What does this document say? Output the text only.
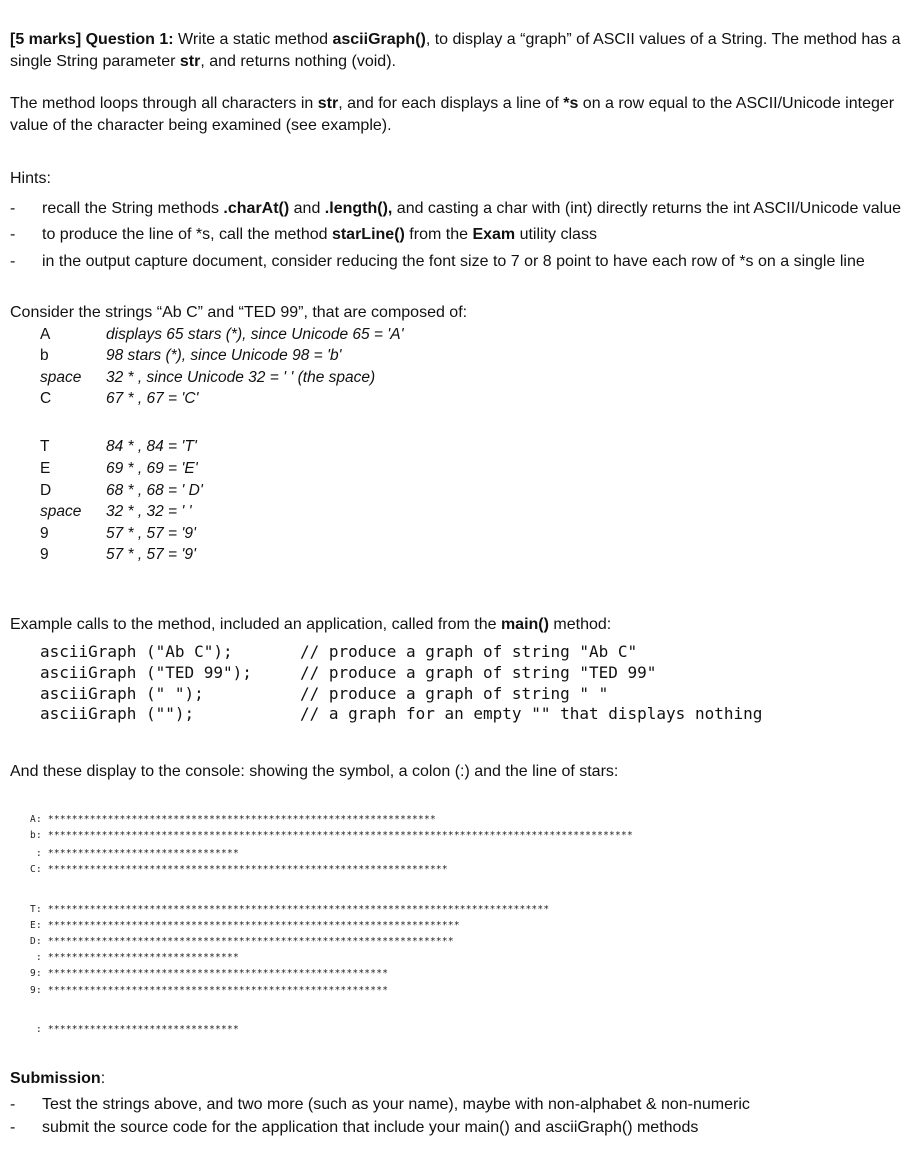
[5 marks] Question 1: Write a static method asciiGraph(), to display a “graph” of ASCII values of a String. The method has a
single String parameter str, and returns nothing (void).
The method loops through all characters in str, and for each displays a line of *s on a row equal to the ASCII/Unicode integer
value of the character being examined (see example).
Hints:
- recall the String methods .charAt() and .length(), and casting a char with (int) directly returns the int ASCII/Unicode value
- to produce the line of *s, call the method starLine() from the Exam utility class
- in the output capture document, consider reducing the font size to 7 or 8 point to have each row of *s on a single line
Consider the strings “Ab C” and “TED 99”, that are composed of:
A	displays 65 stars (*), since Unicode 65 = 'A'
b	98 stars (*), since Unicode 98 = 'b'
space 32 * , since Unicode 32 = ' ' (the space)
C	67 * , 67 = 'C'
T	84 * , 84 = 'T'
E	69 * , 69 = 'E'
D	68 * , 68 = ' D'
space 32 * , 32 = ' '
9	57 * , 57 = '9'
9	57 * , 57 = '9'
Example calls to the method, included an application, called from the main() method:
asciiGraph ("Ab C");	// produce a graph of string "Ab C"
asciiGraph ("TED 99");	// produce a graph of string "TED 99"
asciiGraph (" ");	// produce a graph of string " "
asciiGraph ("");	// a graph for an empty "" that displays nothing
And these display to the console: showing the symbol, a colon (:) and the line of stars:
A: *****************************************************************
b: **************************************************************************************************
: ********************************
C: *******************************************************************
T: ************************************************************************************
E: *********************************************************************
D: ********************************************************************
: ********************************
9: *********************************************************
9: *********************************************************
: ********************************
Submission:
- Test the strings above, and two more (such as your name), maybe with non-alphabet & non-numeric
- submit the source code for the application that include your main() and asciiGraph() methods
